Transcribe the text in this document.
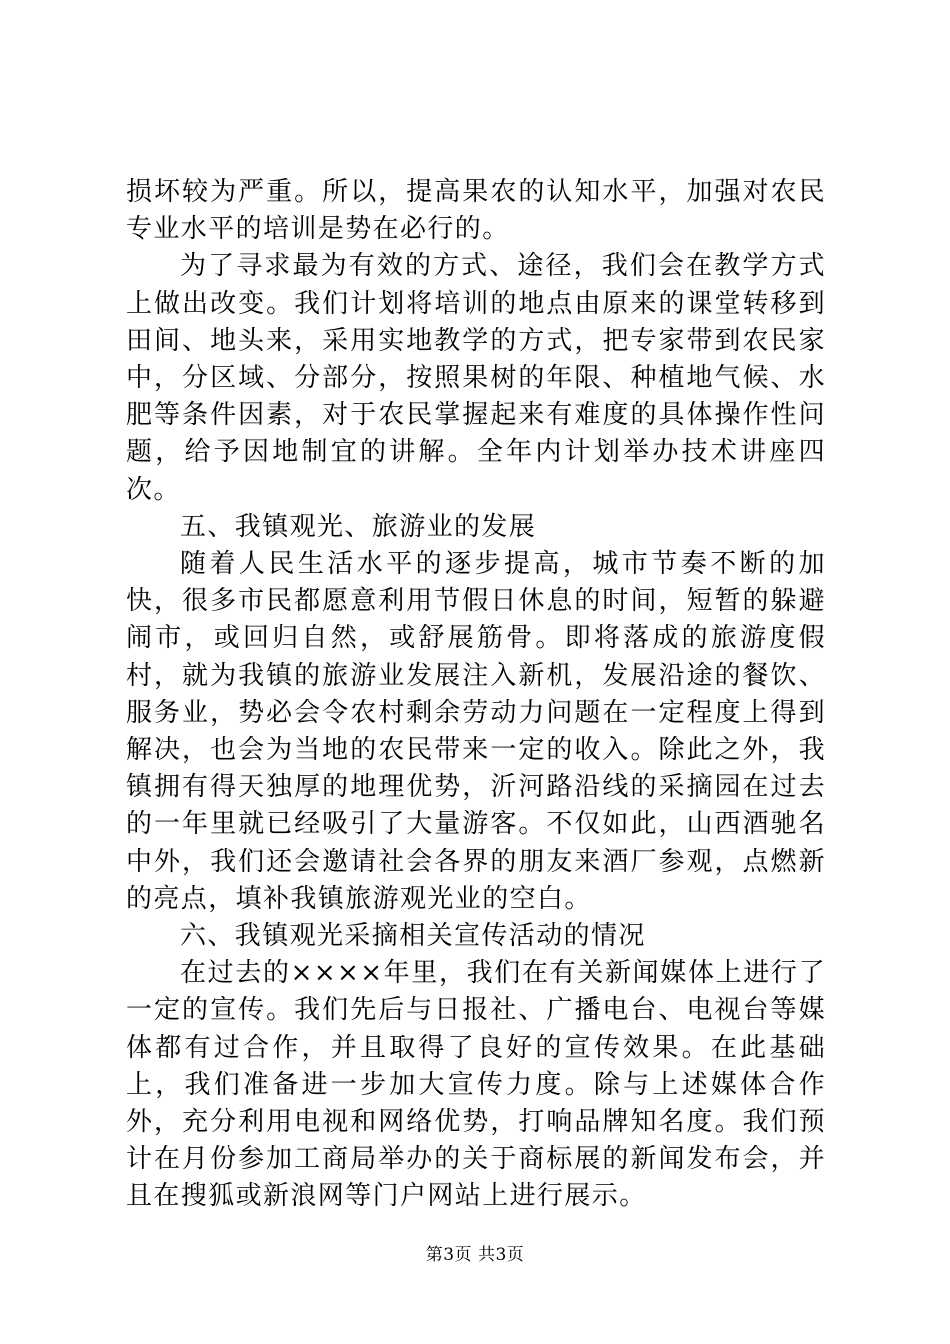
损坏较为严重。所以，提高果农的认知水平，加强对农民专业水平的培训是势在必行的。

为了寻求最为有效的方式、途径，我们会在教学方式上做出改变。我们计划将培训的地点由原来的课堂转移到田间、地头来，采用实地教学的方式，把专家带到农民家中，分区域、分部分，按照果树的年限、种植地气候、水肥等条件因素，对于农民掌握起来有难度的具体操作性问题，给予因地制宜的讲解。全年内计划举办技术讲座四次。

五、我镇观光、旅游业的发展

随着人民生活水平的逐步提高，城市节奏不断的加快，很多市民都愿意利用节假日休息的时间，短暂的躲避闹市，或回归自然，或舒展筋骨。即将落成的旅游度假村，就为我镇的旅游业发展注入新机，发展沿途的餐饮、服务业，势必会令农村剩余劳动力问题在一定程度上得到解决，也会为当地的农民带来一定的收入。除此之外，我镇拥有得天独厚的地理优势，沂河路沿线的采摘园在过去的一年里就已经吸引了大量游客。不仅如此，山西酒驰名中外，我们还会邀请社会各界的朋友来酒厂参观，点燃新的亮点，填补我镇旅游观光业的空白。

六、我镇观光采摘相关宣传活动的情况

在过去的××××年里，我们在有关新闻媒体上进行了一定的宣传。我们先后与日报社、广播电台、电视台等媒体都有过合作，并且取得了良好的宣传效果。在此基础上，我们准备进一步加大宣传力度。除与上述媒体合作外，充分利用电视和网络优势，打响品牌知名度。我们预计在月份参加工商局举办的关于商标展的新闻发布会，并且在搜狐或新浪网等门户网站上进行展示。

第3页 共3页
